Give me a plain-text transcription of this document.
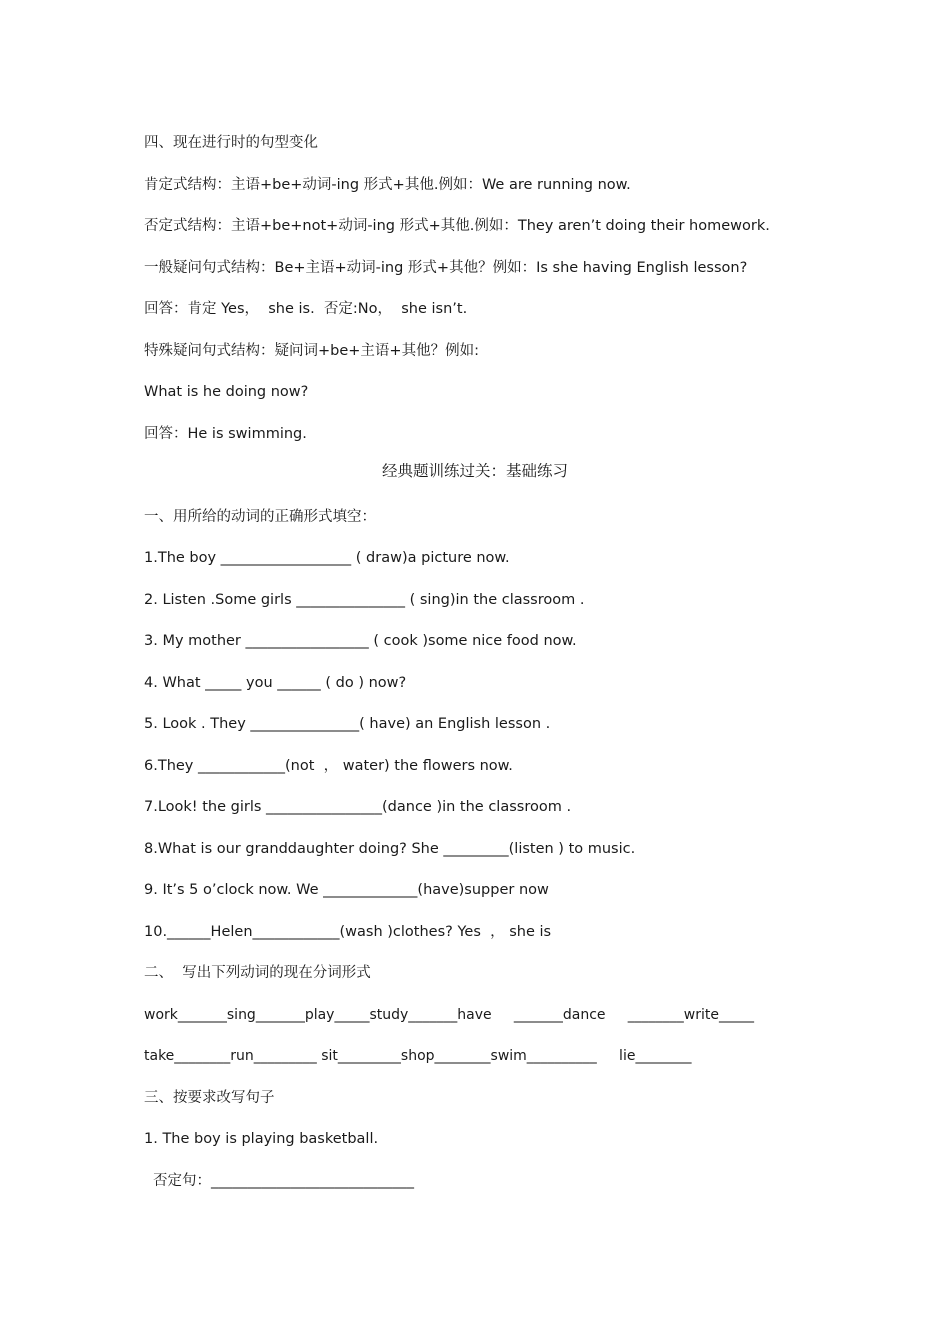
四、现在进行时的句型变化
肯定式结构：主语+be+动词-ing 形式+其他.例如：We are running now.
否定式结构：主语+be+not+动词-ing 形式+其他.例如：They aren’t doing their homework.
一般疑问句式结构：Be+主语+动词-ing 形式+其他？例如：Is she having English lesson?
回答：肯定 Yes，  she is.  否定:No，  she isn’t.
特殊疑问句式结构：疑问词+be+主语+其他？例如:
What is he doing now?
回答：He is swimming.
经典题训练过关：基础练习
一、用所给的动词的正确形式填空：
1.The boy __________________ ( draw)a picture now.
2. Listen .Some girls _______________ ( sing)in the classroom .
3. My mother _________________ ( cook )some nice food now.
4. What _____ you ______ ( do ) now?
5. Look . They _______________( have) an English lesson .
6.They ____________(not  ， water) the flowers now.
7.Look! the girls ________________(dance )in the classroom .
8.What is our granddaughter doing? She _________(listen ) to music.
9. It’s 5 o’clock now. We _____________(have)supper now
10.______Helen____________(wash )clothes? Yes  ， she is
二、  写出下列动词的现在分词形式
work_______sing_______play_____study_______have     _______dance     ________write_____
take________run_________ sit_________shop________swim__________     lie________
三、按要求改写句子
1. The boy is playing basketball.
否定句：____________________________
